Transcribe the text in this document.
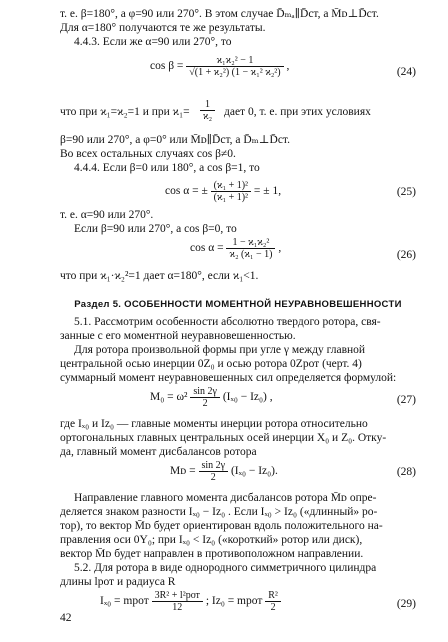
т. е. β=180°, а φ=90 или 270°. В этом случае D̄ₘₐ∥D̄ст, а M̄ᴅ⊥D̄ст.
Для α=180° получаются те же результаты.
4.4.3. Если же α=90 или 270°, то
$\cos \beta = \frac{\text{ϰ₁ϰ₂² − 1}}{\text{√(1 + ϰ₂²) (1 − ϰ₁² ϰ₂²)}}$ ,	(24)
что при ϰ₁=ϰ₂=1 и при $ϰ_1= \frac{1}{\text{ϰ₂}}$ дает 0, т. е. при этих условиях
β=90 или 270°, а φ=0° или M̄ᴅ∥D̄ст, а D̄ₘ⊥D̄ст.
Во всех остальных случаях cos β≠0.
4.4.4. Если β=0 или 180°, а cos β=1, то
cos α = ± $\frac{\text{(ϰ₁ + 1)²}}{\text{(ϰ₁ + 1)²}}$ = ± 1,	(25)
т. е. α=90 или 270°.
Если β=90 или 270°, а cos β=0, то
$\cos \alpha = \frac{\text{1 − ϰ₁ϰ₂²}}{\text{ϰ₂ (ϰ₁ − 1)}}$ ,
(26)
что при ϰ₁·ϰ₂²=1 дает α=180°, если ϰ₁<1.
Раздел 5. ОСОБЕННОСТИ МОМЕНТНОЙ НЕУРАВНОВЕШЕННОСТИ
5.1. Рассмотрим особенности абсолютно твердого ротора, свя-
занные с его моментной неуравновешенностью.
Для ротора произвольной формы при угле γ между главной
центральной осью инерции 0Z₀ и осью ротора 0Zрот (черт. 4)
суммарный момент неуравновешенных сил определяется формулой:
$M_0 = \omega^2 \frac{\sin 2\gamma}{2} (I_{x0}$ − Iᴢ₀) ,	(27)
где Iₓ₀ и Iᴢ₀ — главные моменты инерции ротора относительно
ортогональных главных центральных осей инерции X₀ и Z₀. Отку-
да, главный момент дисбалансов ротора
Mᴅ = $\frac{\sin 2\gamma}{2} (I_{x0}$ − Iᴢ₀).	(28)
Направление главного момента дисбалансов ротора M̄ᴅ опре-
деляется знаком разности Iₓ₀ − Iᴢ₀ . Если Iₓ₀ > Iᴢ₀ («длинный» ро-
тор), то вектор M̄ᴅ будет ориентирован вдоль положительного на-
правления оси 0Y₀; при Iₓ₀ < Iᴢ₀ («короткий» ротор или диск),
вектор M̄ᴅ будет направлен в противоположном направлении.
5.2. Для ротора в виде однородного симметричного цилиндра
длины lрот и радиуса R
Iₓ₀ = mрот $\frac{\text{3R² + l²рот}}{12}$ ; Iᴢ₀ = mрот $\frac{\text{R²}}{2}$	(29)
42
